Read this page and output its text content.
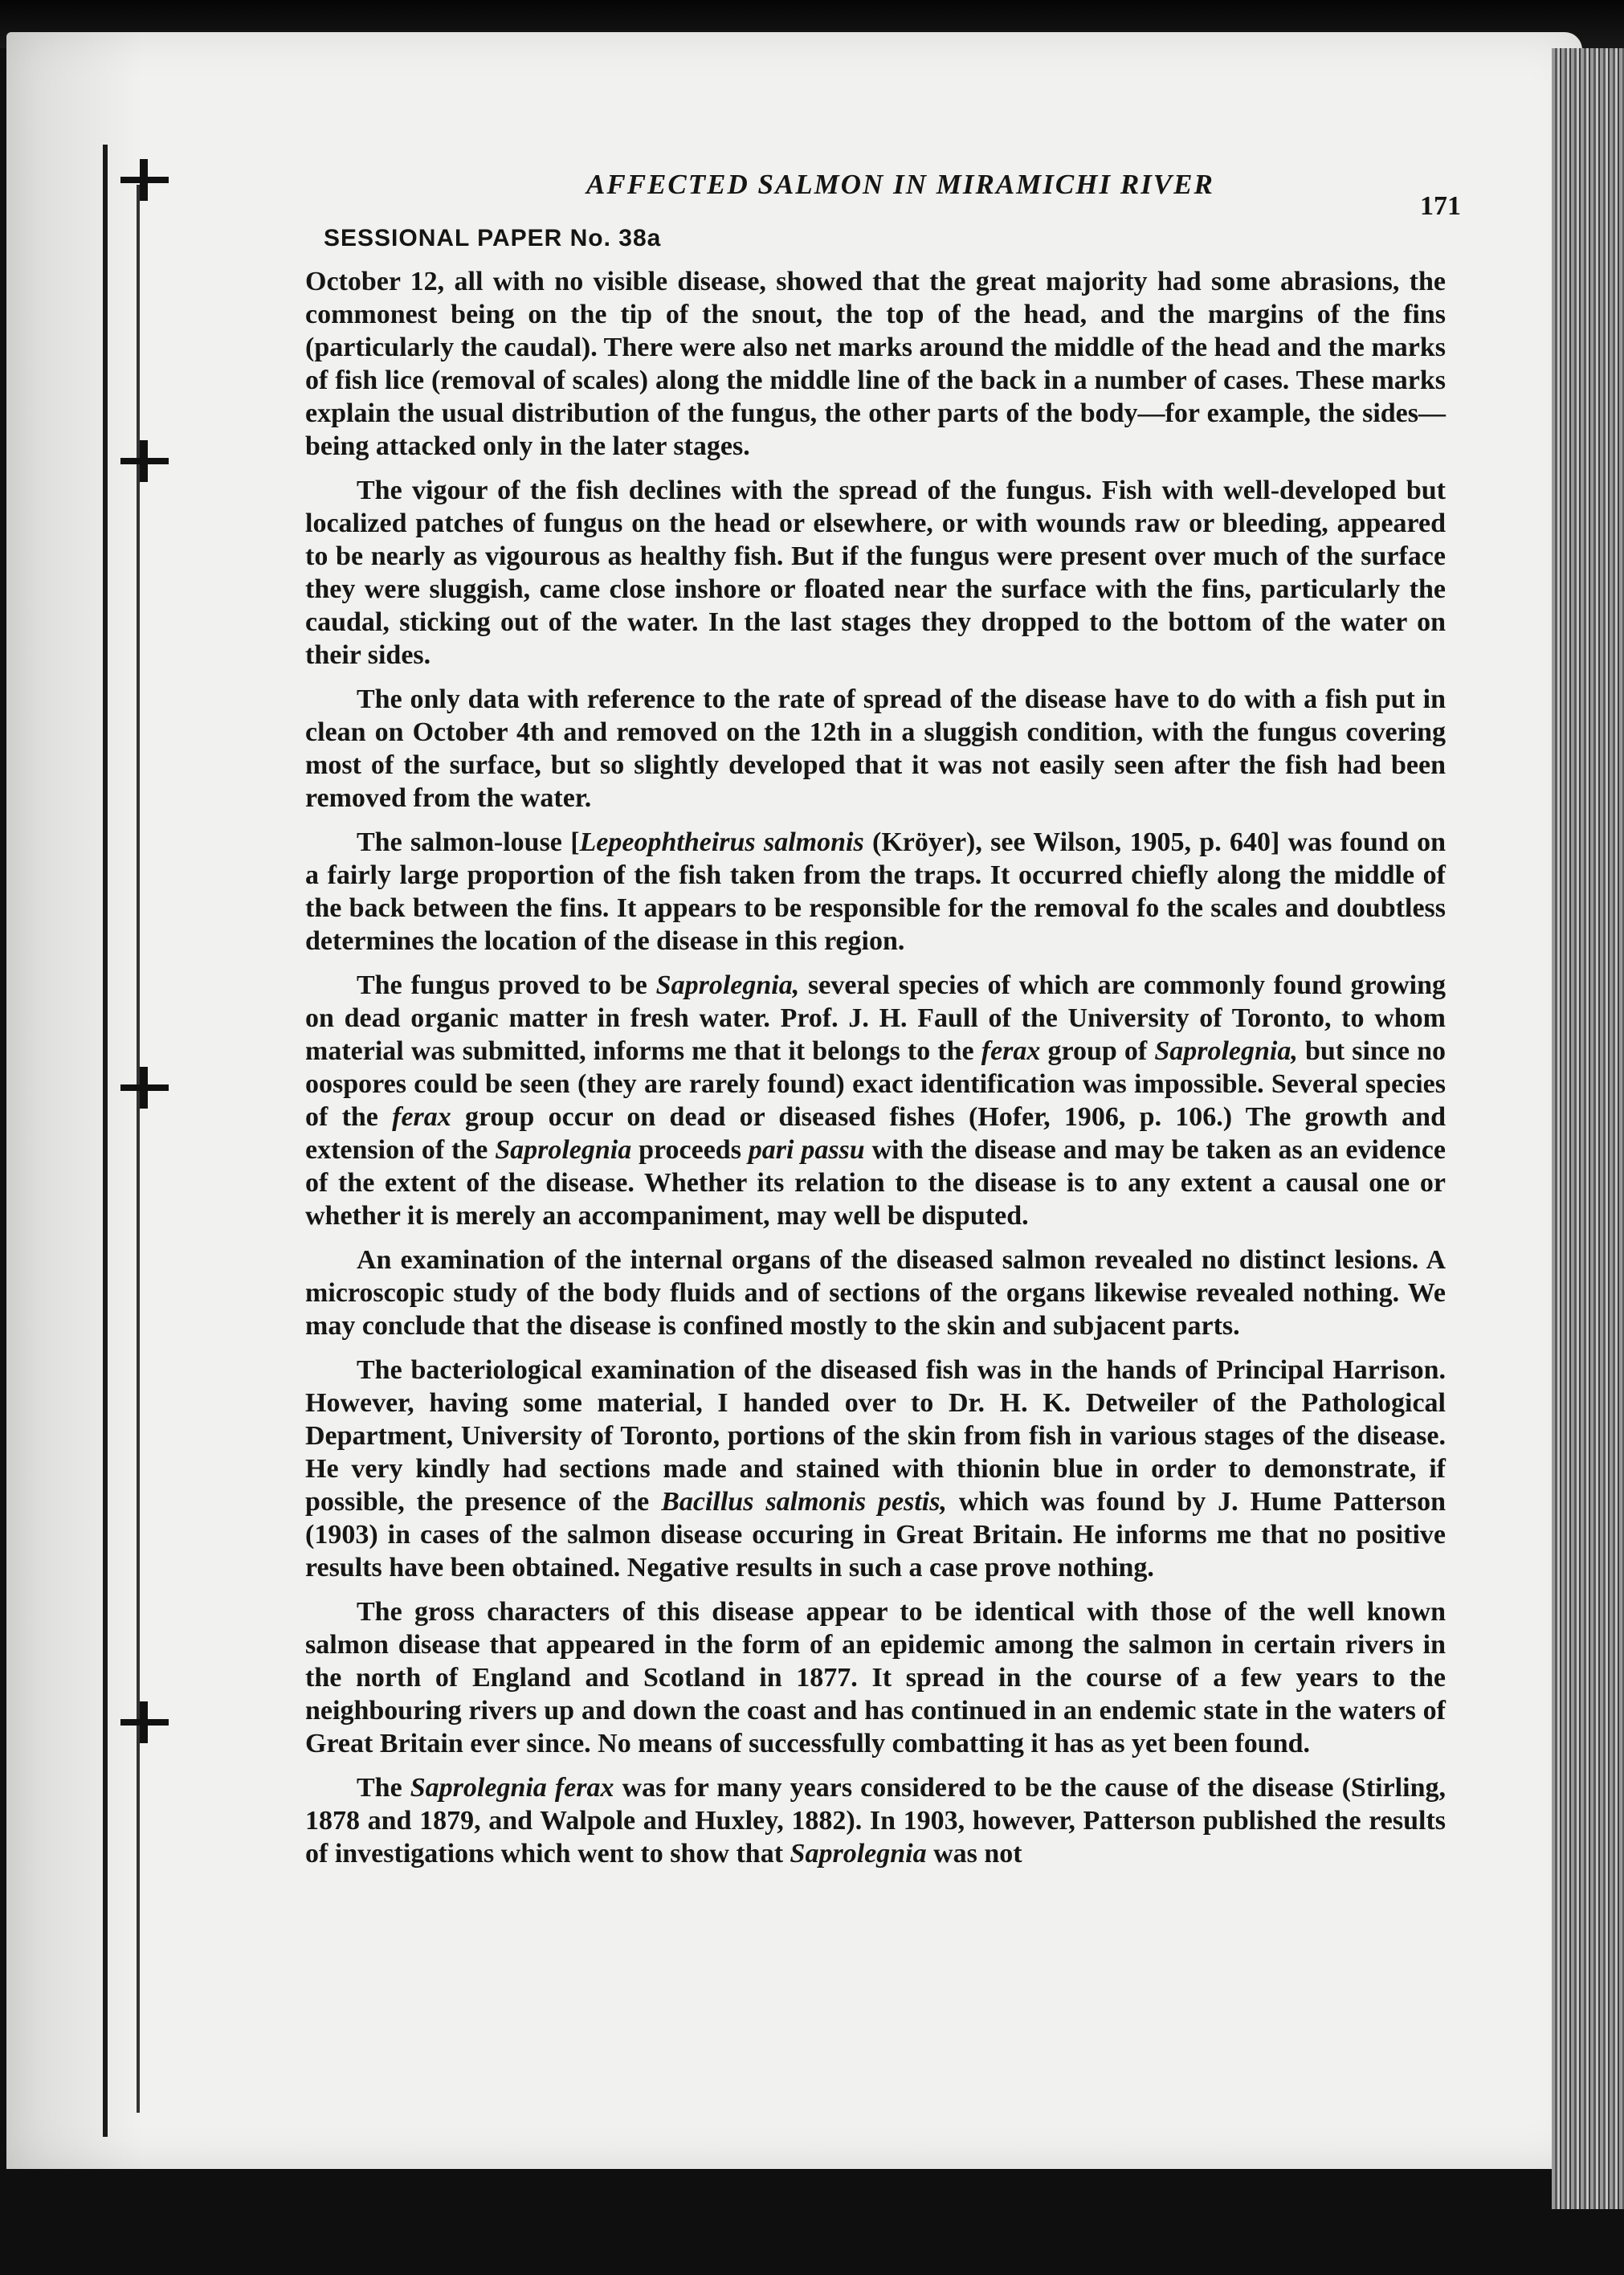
AFFECTED SALMON IN MIRAMICHI RIVER
171
SESSIONAL PAPER No. 38a

October 12, all with no visible disease, showed that the great majority had some abrasions, the commonest being on the tip of the snout, the top of the head, and the margins of the fins (particularly the caudal). There were also net marks around the middle of the head and the marks of fish lice (removal of scales) along the middle line of the back in a number of cases. These marks explain the usual distribution of the fungus, the other parts of the body—for example, the sides—being attacked only in the later stages.

The vigour of the fish declines with the spread of the fungus. Fish with well-developed but localized patches of fungus on the head or elsewhere, or with wounds raw or bleeding, appeared to be nearly as vigourous as healthy fish. But if the fungus were present over much of the surface they were sluggish, came close inshore or floated near the surface with the fins, particularly the caudal, sticking out of the water. In the last stages they dropped to the bottom of the water on their sides.

The only data with reference to the rate of spread of the disease have to do with a fish put in clean on October 4th and removed on the 12th in a sluggish condition, with the fungus covering most of the surface, but so slightly developed that it was not easily seen after the fish had been removed from the water.

The salmon-louse [Lepeophtheirus salmonis (Kröyer), see Wilson, 1905, p. 640] was found on a fairly large proportion of the fish taken from the traps. It occurred chiefly along the middle of the back between the fins. It appears to be responsible for the removal fo the scales and doubtless determines the location of the disease in this region.

The fungus proved to be Saprolegnia, several species of which are commonly found growing on dead organic matter in fresh water. Prof. J. H. Faull of the University of Toronto, to whom material was submitted, informs me that it belongs to the ferax group of Saprolegnia, but since no oospores could be seen (they are rarely found) exact identification was impossible. Several species of the ferax group occur on dead or diseased fishes (Hofer, 1906, p. 106.) The growth and extension of the Saprolegnia proceeds pari passu with the disease and may be taken as an evidence of the extent of the disease. Whether its relation to the disease is to any extent a causal one or whether it is merely an accompaniment, may well be disputed.

An examination of the internal organs of the diseased salmon revealed no distinct lesions. A microscopic study of the body fluids and of sections of the organs likewise revealed nothing. We may conclude that the disease is confined mostly to the skin and subjacent parts.

The bacteriological examination of the diseased fish was in the hands of Principal Harrison. However, having some material, I handed over to Dr. H. K. Detweiler of the Pathological Department, University of Toronto, portions of the skin from fish in various stages of the disease. He very kindly had sections made and stained with thionin blue in order to demonstrate, if possible, the presence of the Bacillus salmonis pestis, which was found by J. Hume Patterson (1903) in cases of the salmon disease occuring in Great Britain. He informs me that no positive results have been obtained. Negative results in such a case prove nothing.

The gross characters of this disease appear to be identical with those of the well known salmon disease that appeared in the form of an epidemic among the salmon in certain rivers in the north of England and Scotland in 1877. It spread in the course of a few years to the neighbouring rivers up and down the coast and has continued in an endemic state in the waters of Great Britain ever since. No means of successfully combatting it has as yet been found.

The Saprolegnia ferax was for many years considered to be the cause of the disease (Stirling, 1878 and 1879, and Walpole and Huxley, 1882). In 1903, however, Patterson published the results of investigations which went to show that Saprolegnia was not
